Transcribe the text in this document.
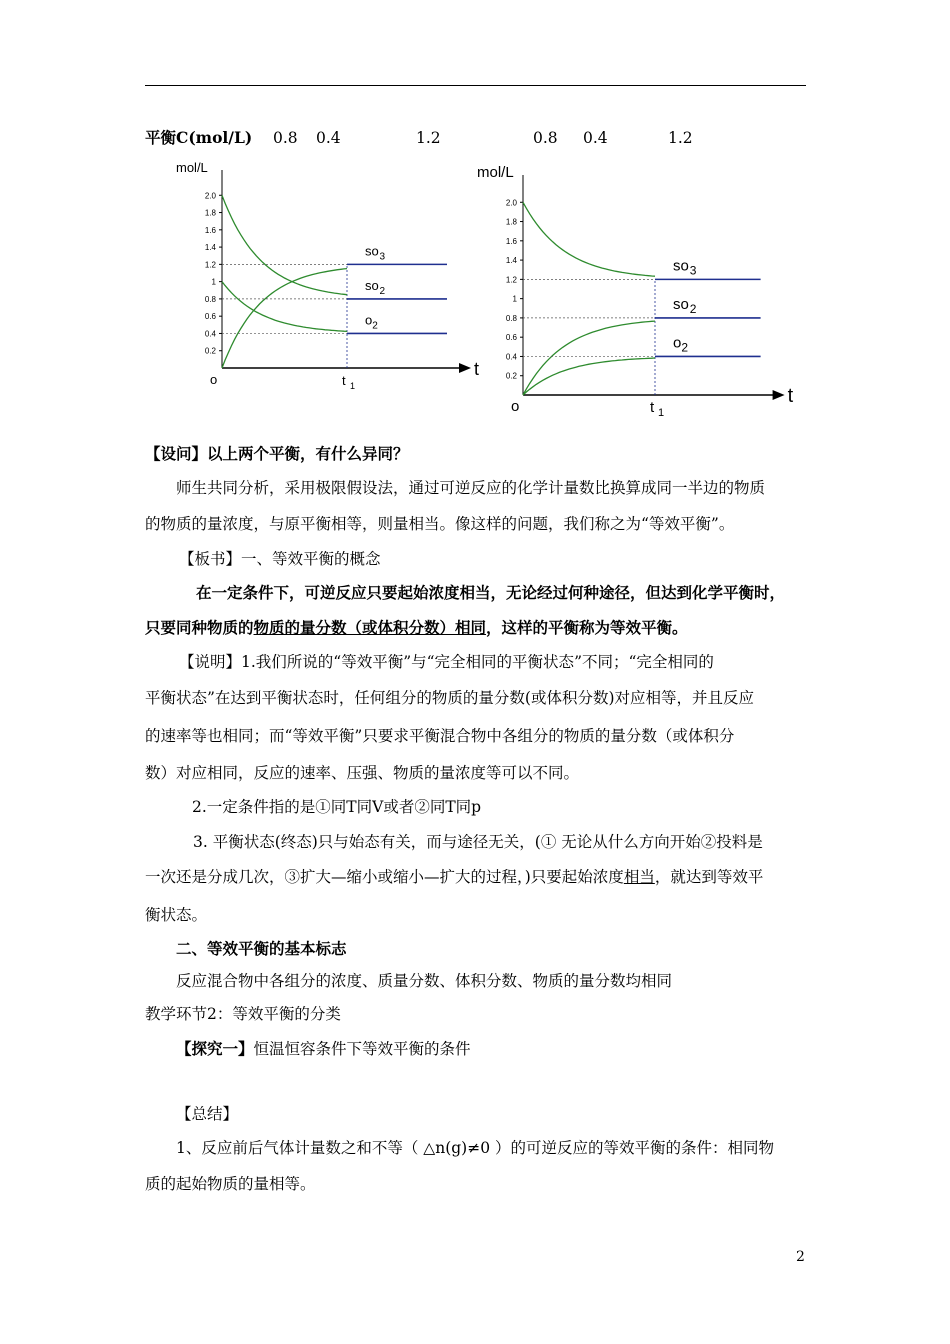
平衡C(mol/L) 0.8 0.4	1.2	0.8 0.4	1.2
mol/L
2.0
1.8
1.6
1.4
1.2
1
0.8
0.6
0.4
0.2
o
t
t 1
so 3
so 2
o 2
mol/L
2.0
1.8
1.6
1.4
1.2
1
0.8
0.6
0.4
0.2
o	t
t 1
so 3
so 2
o 2
【设问】以上两个平衡，有什么异同？
师生共同分析，采用极限假设法，通过可逆反应的化学计量数比换算成同一半边的物质
的物质的量浓度，与原平衡相等，则量相当。像这样的问题，我们称之为“等效平衡”。
【板书】一、等效平衡的概念
在一定条件下，可逆反应只要起始浓度相当，无论经过何种途径，但达到化学平衡时，
只要同种物质的物质的量分数（或体积分数）相同，这样的平衡称为等效平衡。
【说明】1.我们所说的“等效平衡”与“完全相同的平衡状态”不同；“完全相同的
平衡状态”在达到平衡状态时，任何组分的物质的量分数(或体积分数)对应相等，并且反应
的速率等也相同；而“等效平衡”只要求平衡混合物中各组分的物质的量分数（或体积分
数）对应相同，反应的速率、压强、物质的量浓度等可以不同。
2.一定条件指的是①同T同V或者②同T同p
3. 平衡状态(终态)只与始态有关，而与途径无关，(① 无论从什么方向开始②投料是
一次还是分成几次，③扩大—缩小或缩小—扩大的过程，)只要起始浓度相当，就达到等效平
衡状态。
二、等效平衡的基本标志
反应混合物中各组分的浓度、质量分数、体积分数、物质的量分数均相同
教学环节2：等效平衡的分类
【探究一】恒温恒容条件下等效平衡的条件
【总结】
1、反应前后气体计量数之和不等（ △n(g)≠0 ）的可逆反应的等效平衡的条件：相同物
质的起始物质的量相等。
2
